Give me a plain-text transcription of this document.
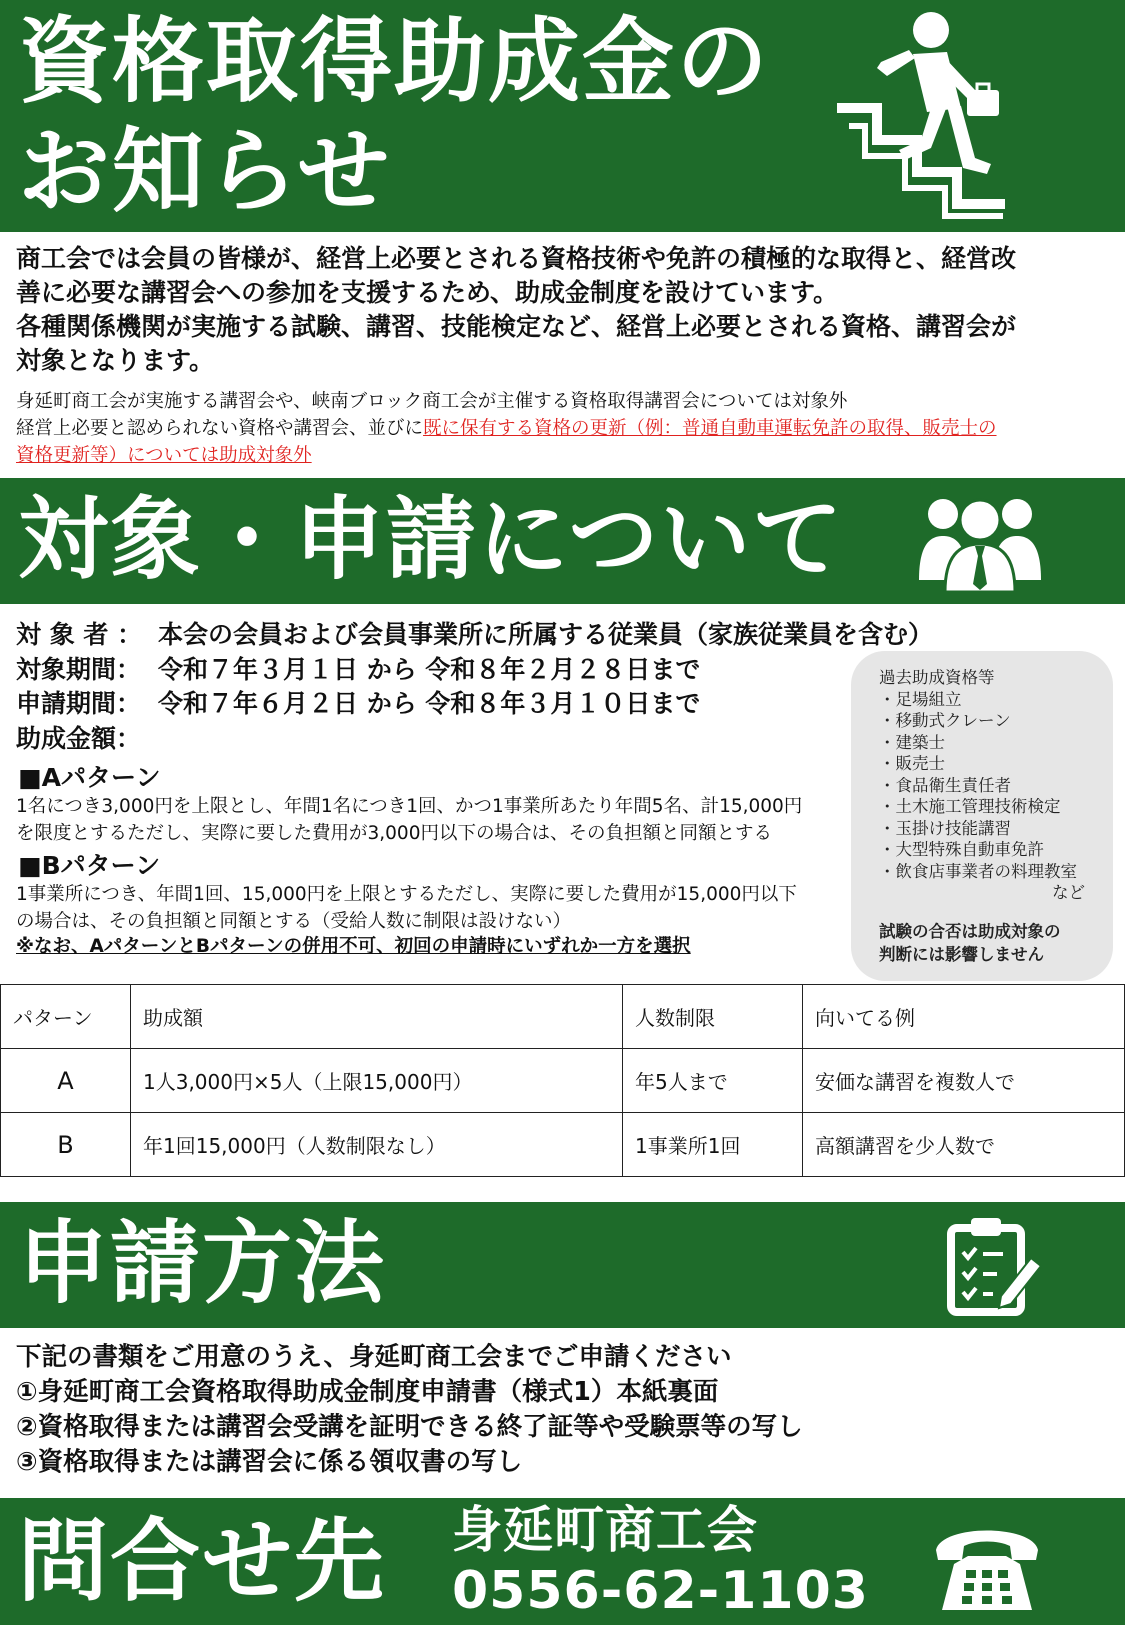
資格取得助成金の
お知らせ
商工会では会員の皆様が、経営上必要とされる資格技術や免許の積極的な取得と、経営改
善に必要な講習会への参加を支援するため、助成金制度を設けています。
各種関係機関が実施する試験、講習、技能検定など、経営上必要とされる資格、講習会が
対象となります。
身延町商工会が実施する講習会や、峡南ブロック商工会が主催する資格取得講習会については対象外
経営上必要と認められない資格や講習会、並びに既に保有する資格の更新（例：普通自動車運転免許の取得、販売士の
資格更新等）については助成対象外
対象・申請について
対 象 者 ： 本会の会員および会員事業所に所属する従業員（家族従業員を含む）
対象期間： 令和７年３月１日 から 令和８年２月２８日まで
申請期間： 令和７年６月２日 から 令和８年３月１０日まで
助成金額：
■Aパターン
1名につき3,000円を上限とし、年間1名につき1回、かつ1事業所あたり年間5名、計15,000円
を限度とするただし、実際に要した費用が3,000円以下の場合は、その負担額と同額とする
■Bパターン
1事業所につき、年間1回、15,000円を上限とするただし、実際に要した費用が15,000円以下
の場合は、その負担額と同額とする（受給人数に制限は設けない）
※なお、AパターンとBパターンの併用不可、初回の申請時にいずれか一方を選択
過去助成資格等
・足場組立
・移動式クレーン
・建築士
・販売士
・食品衛生責任者
・土木施工管理技術検定
・玉掛け技能講習
・大型特殊自動車免許
・飲食店事業者の料理教室
など
試験の合否は助成対象の
判断には影響しません
パターン	助成額	人数制限	向いてる例
A	1人3,000円×5人（上限15,000円）	年5人まで	安価な講習を複数人で
B	年1回15,000円（人数制限なし）	1事業所1回	高額講習を少人数で
申請方法
下記の書類をご用意のうえ、身延町商工会までご申請ください
①身延町商工会資格取得助成金制度申請書（様式1）本紙裏面
②資格取得または講習会受講を証明できる終了証等や受験票等の写し
③資格取得または講習会に係る領収書の写し
問合せ先 身延町商工会
0556-62-1103
